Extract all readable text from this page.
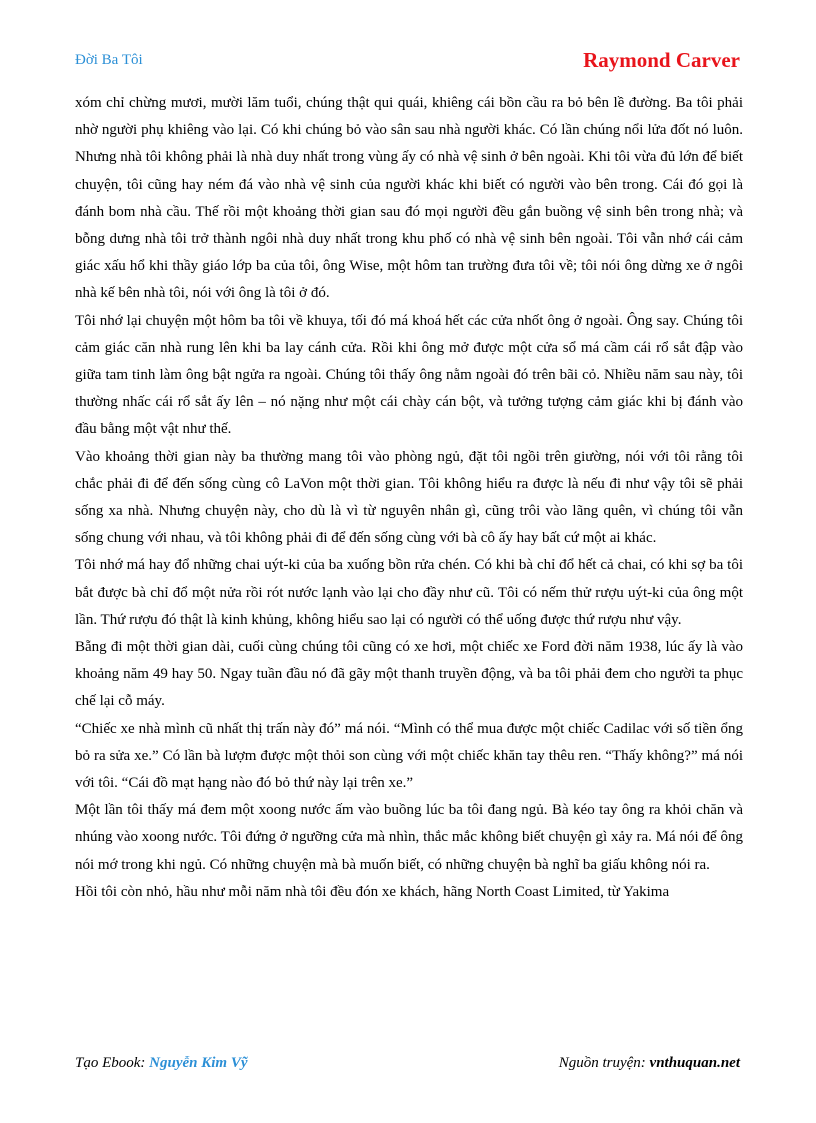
Đời Ba Tôi	Raymond Carver

xóm chỉ chừng mươi, mười lăm tuổi, chúng thật qui quái, khiêng cái bồn cầu ra bỏ bên lề đường. Ba tôi phải nhờ người phụ khiêng vào lại. Có khi chúng bỏ vào sân sau nhà người khác. Có lần chúng nổi lửa đốt nó luôn. Nhưng nhà tôi không phải là nhà duy nhất trong vùng ấy có nhà vệ sinh ở bên ngoài. Khi tôi vừa đủ lớn để biết chuyện, tôi cũng hay ném đá vào nhà vệ sinh của người khác khi biết có người vào bên trong. Cái đó gọi là đánh bom nhà cầu. Thế rồi một khoảng thời gian sau đó mọi người đều gắn buồng vệ sinh bên trong nhà; và bỗng dưng nhà tôi trở thành ngôi nhà duy nhất trong khu phố có nhà vệ sinh bên ngoài. Tôi vẫn nhớ cái cảm giác xấu hổ khi thầy giáo lớp ba của tôi, ông Wise, một hôm tan trường đưa tôi về; tôi nói ông dừng xe ở ngôi nhà kế bên nhà tôi, nói với ông là tôi ở đó.

Tôi nhớ lại chuyện một hôm ba tôi về khuya, tối đó má khoá hết các cửa nhốt ông ở ngoài. Ông say. Chúng tôi cảm giác căn nhà rung lên khi ba lay cánh cửa. Rồi khi ông mở được một cửa sổ má cầm cái rổ sắt đập vào giữa tam tinh làm ông bật ngửa ra ngoài. Chúng tôi thấy ông nằm ngoài đó trên bãi cỏ. Nhiều năm sau này, tôi thường nhấc cái rổ sắt ấy lên – nó nặng như một cái chày cán bột, và tưởng tượng cảm giác khi bị đánh vào đầu bằng một vật như thế.

Vào khoảng thời gian này ba thường mang tôi vào phòng ngủ, đặt tôi ngồi trên giường, nói với tôi rằng tôi chắc phải đi để đến sống cùng cô LaVon một thời gian. Tôi không hiểu ra được là nếu đi như vậy tôi sẽ phải sống xa nhà. Nhưng chuyện này, cho dù là vì từ nguyên nhân gì, cũng trôi vào lãng quên, vì chúng tôi vẫn sống chung với nhau, và tôi không phải đi để đến sống cùng với bà cô ấy hay bất cứ một ai khác.

Tôi nhớ má hay đổ những chai uýt-ki của ba xuống bồn rửa chén. Có khi bà chỉ đổ hết cả chai, có khi sợ ba tôi bắt được bà chỉ đổ một nửa rồi rót nước lạnh vào lại cho đầy như cũ. Tôi có nếm thử rượu uýt-ki của ông một lần. Thứ rượu đó thật là kinh khủng, không hiểu sao lại có người có thể uống được thứ rượu như vậy.

Bẵng đi một thời gian dài, cuối cùng chúng tôi cũng có xe hơi, một chiếc xe Ford đời năm 1938, lúc ấy là vào khoảng năm 49 hay 50. Ngay tuần đầu nó đã gãy một thanh truyền động, và ba tôi phải đem cho người ta phục chế lại cỗ máy.

“Chiếc xe nhà mình cũ nhất thị trấn này đó” má nói. “Mình có thể mua được một chiếc Cadilac với số tiền ổng bỏ ra sửa xe.” Có lần bà lượm được một thỏi son cùng với một chiếc khăn tay thêu ren. “Thấy không?” má nói với tôi. “Cái đồ mạt hạng nào đó bỏ thứ này lại trên xe.”

Một lần tôi thấy má đem một xoong nước ấm vào buồng lúc ba tôi đang ngủ. Bà kéo tay ông ra khỏi chăn và nhúng vào xoong nước. Tôi đứng ở ngưỡng cửa mà nhìn, thắc mắc không biết chuyện gì xảy ra. Má nói để ông nói mớ trong khi ngủ. Có những chuyện mà bà muốn biết, có những chuyện bà nghĩ ba giấu không nói ra.

Hồi tôi còn nhỏ, hầu như mỗi năm nhà tôi đều đón xe khách, hãng North Coast Limited, từ Yakima

Tạo Ebook: Nguyễn Kim Vỹ	Nguồn truyện: vnthuquan.net
